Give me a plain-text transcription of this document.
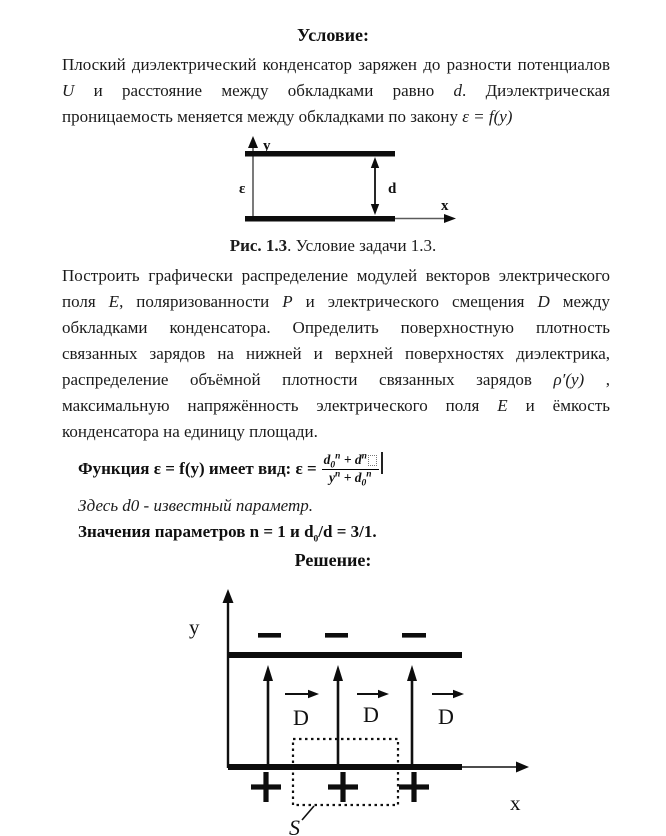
Условие:

Плоский диэлектрический конденсатор заряжен до разности потенциалов U и расстояние между обкладками равно d. Диэлектрическая проницаемость меняется между обкладками по закону ε = f(y)

y
x
ε	d

Рис. 1.3. Условие задачи 1.3.

Построить графически распределение модулей векторов электрического поля E, поляризованности P и электрического смещения D между обкладками конденсатора. Определить поверхностную плотность связанных зарядов на нижней и верхней поверхностях диэлектрика, распределение объёмной плотности связанных зарядов ρ′(y) , максимальную напряжённость электрического поля E и ёмкость конденсатора на единицу площади.

Функция ε = f(y) имеет вид: $\varepsilon = \frac{d_0^n + d^n}{y^n + d_0^n}$

Здесь d0 - известный параметр.

Значения параметров n = 1 и $d_0/d = 3/1$.

Решение:
D D	D
S
y
x
